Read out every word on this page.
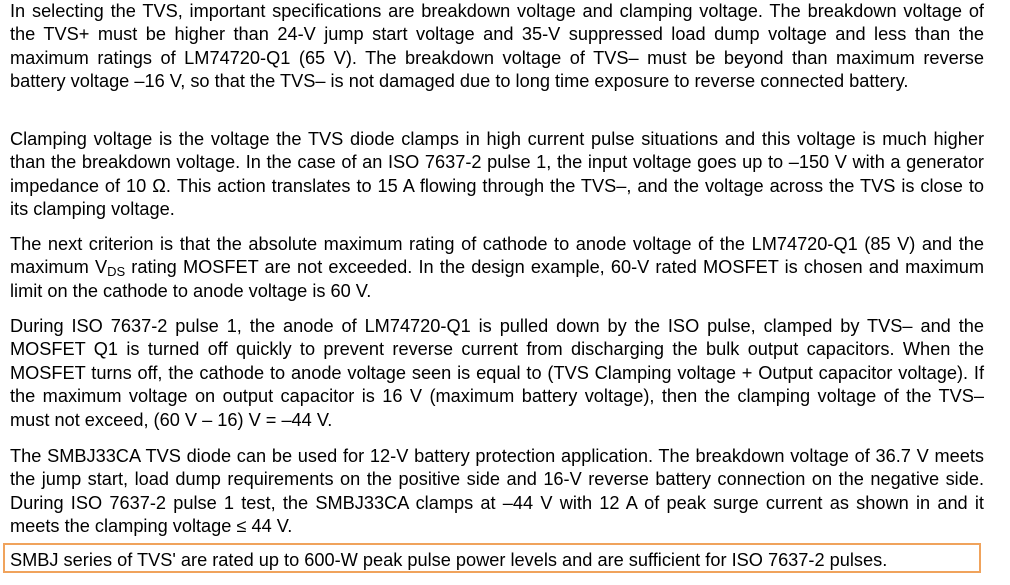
In selecting the TVS, important specifications are breakdown voltage and clamping voltage. The breakdown voltage of the TVS+ must be higher than 24-V jump start voltage and 35-V suppressed load dump voltage and less than the maximum ratings of LM74720-Q1 (65 V). The breakdown voltage of TVS– must be beyond than maximum reverse battery voltage –16 V, so that the TVS– is not damaged due to long time exposure to reverse connected battery.

Clamping voltage is the voltage the TVS diode clamps in high current pulse situations and this voltage is much higher than the breakdown voltage. In the case of an ISO 7637-2 pulse 1, the input voltage goes up to –150 V with a generator impedance of 10 Ω. This action translates to 15 A flowing through the TVS–, and the voltage across the TVS is close to its clamping voltage.

The next criterion is that the absolute maximum rating of cathode to anode voltage of the LM74720-Q1 (85 V) and the maximum $V_{DS}$ rating MOSFET are not exceeded. In the design example, 60-V rated MOSFET is chosen and maximum limit on the cathode to anode voltage is 60 V.

During ISO 7637-2 pulse 1, the anode of LM74720-Q1 is pulled down by the ISO pulse, clamped by TVS– and the MOSFET Q1 is turned off quickly to prevent reverse current from discharging the bulk output capacitors. When the MOSFET turns off, the cathode to anode voltage seen is equal to (TVS Clamping voltage + Output capacitor voltage). If the maximum voltage on output capacitor is 16 V (maximum battery voltage), then the clamping voltage of the TVS– must not exceed, (60 V – 16) V = –44 V.

The SMBJ33CA TVS diode can be used for 12-V battery protection application. The breakdown voltage of 36.7 V meets the jump start, load dump requirements on the positive side and 16-V reverse battery connection on the negative side. During ISO 7637-2 pulse 1 test, the SMBJ33CA clamps at –44 V with 12 A of peak surge current as shown in and it meets the clamping voltage ≤ 44 V.

SMBJ series of TVS' are rated up to 600-W peak pulse power levels and are sufficient for ISO 7637-2 pulses.
